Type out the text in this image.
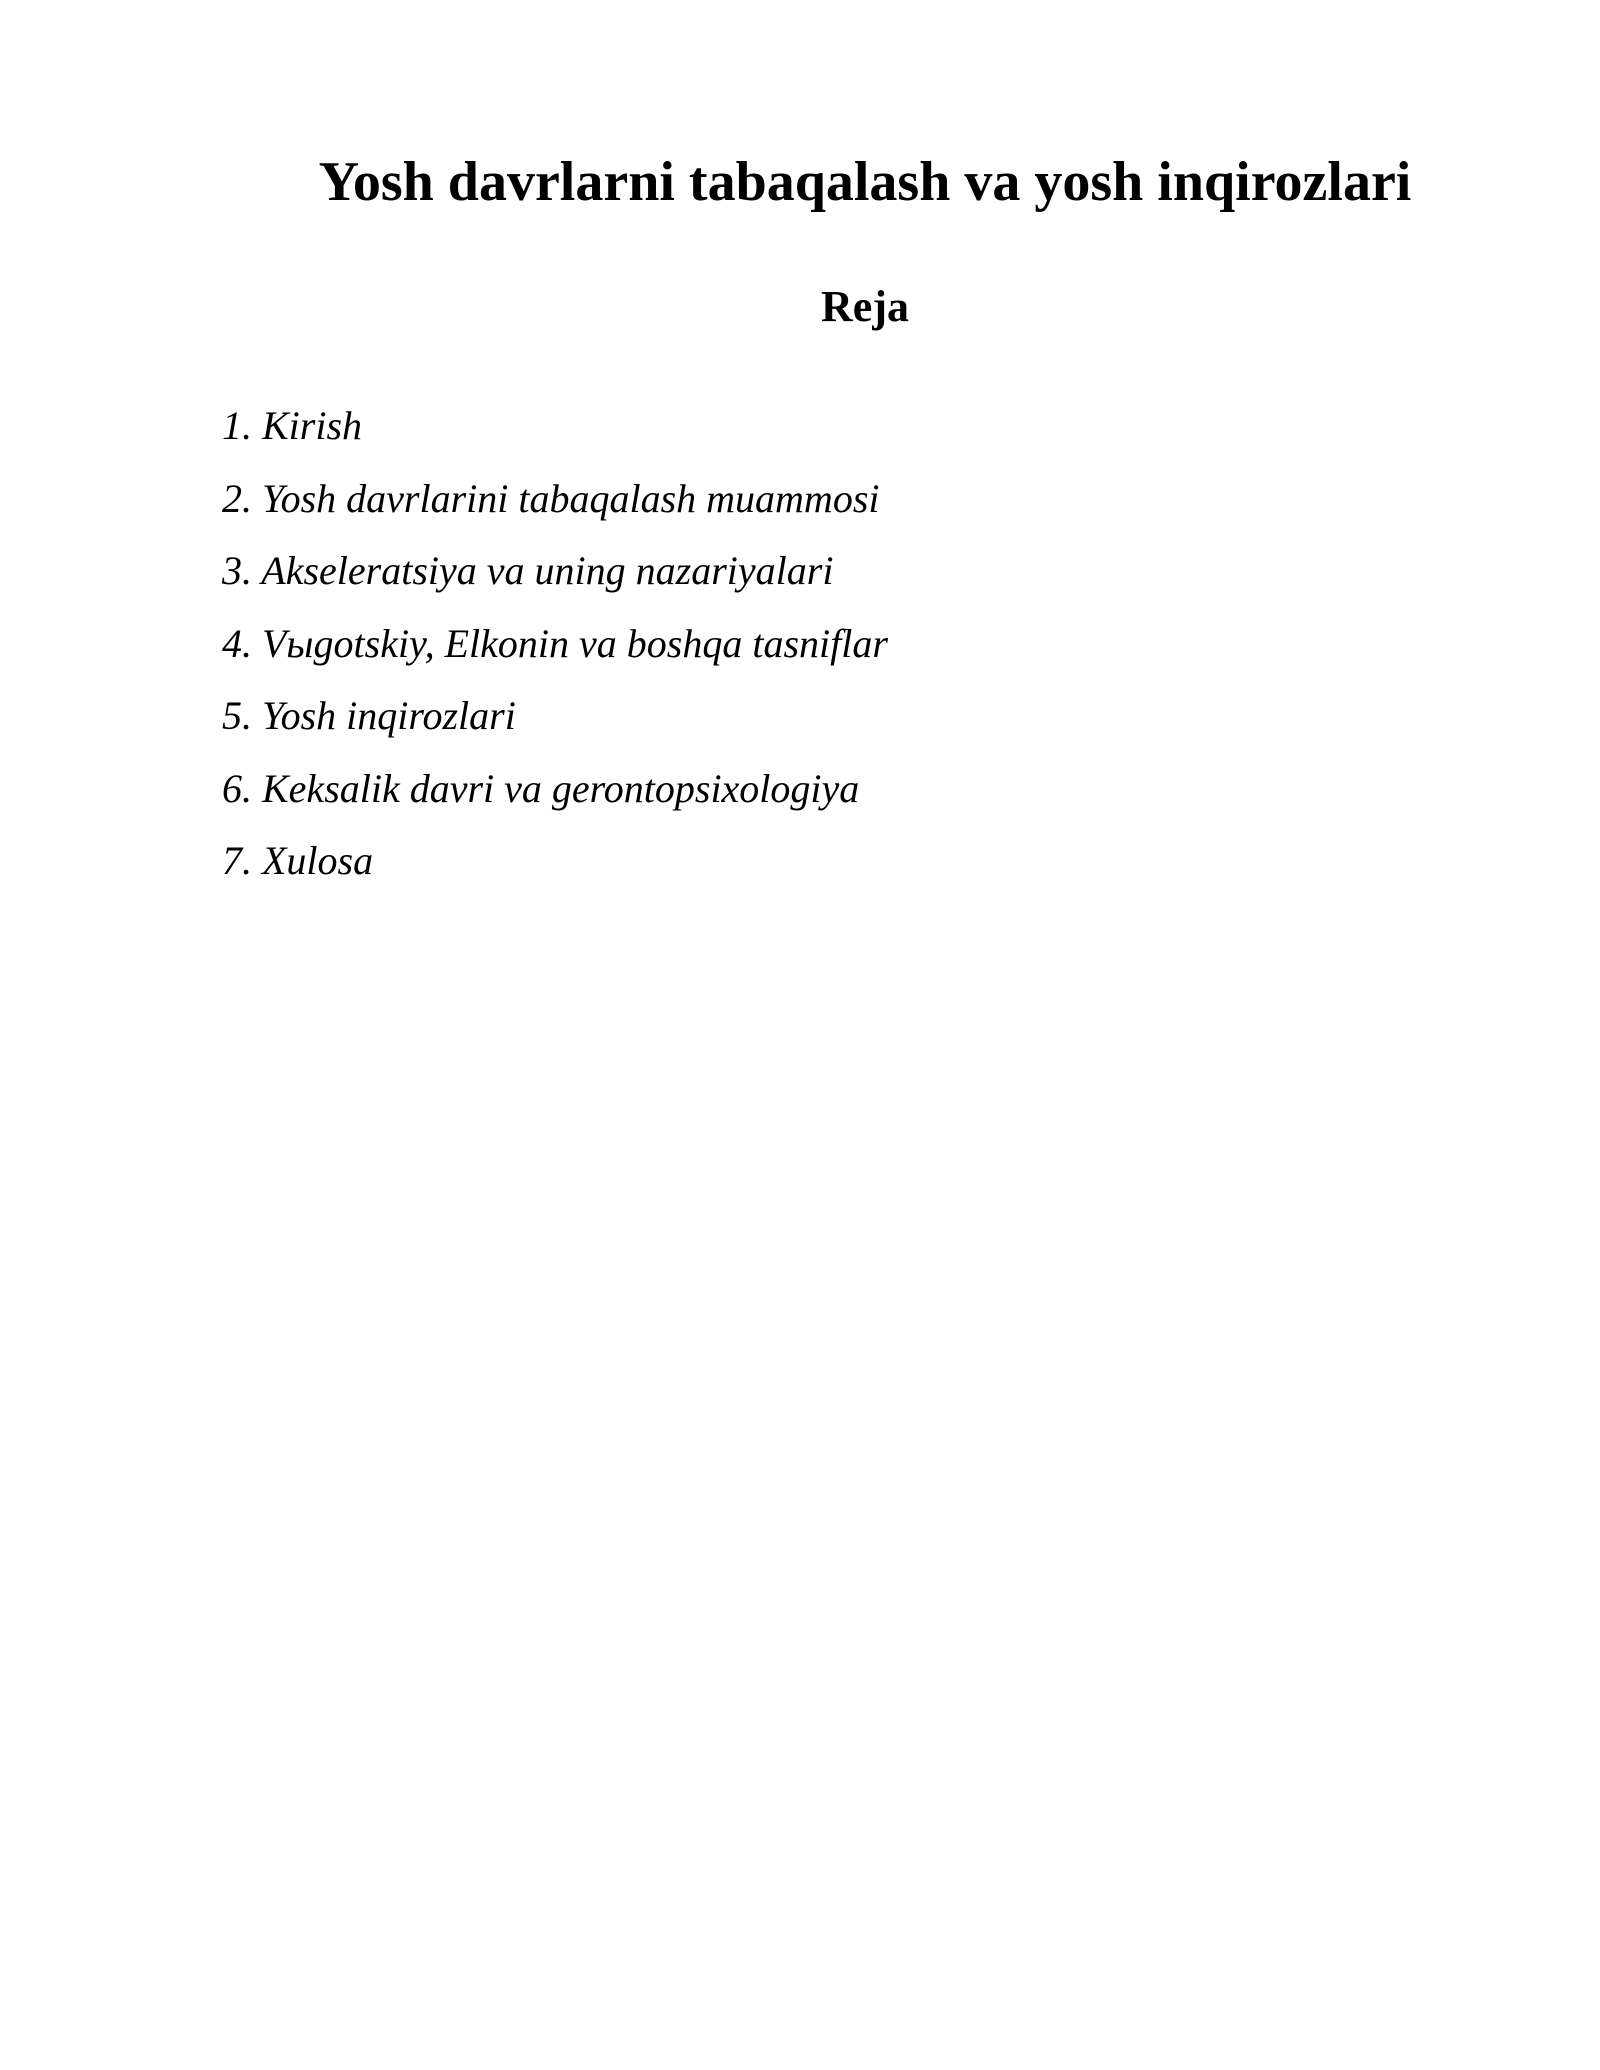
Yosh davrlarni tabaqalash va yosh inqirozlari
Reja
1. Kirish
2. Yosh davrlarini tabaqalash muammosi
3. Akseleratsiya va uning nazariyalari
4. Vыgotskiy, Elkonin va boshqa tasniflar
5. Yosh inqirozlari
6. Keksalik davri va gerontopsixologiya
7. Xulosa
